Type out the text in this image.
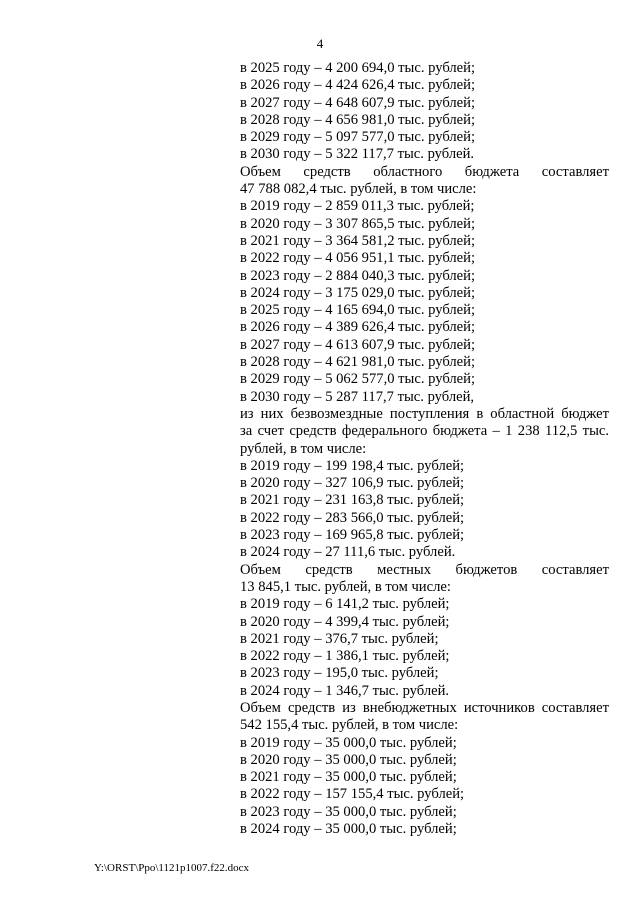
4
в 2025 году – 4 200 694,0 тыс. рублей;
в 2026 году – 4 424 626,4 тыс. рублей;
в 2027 году – 4 648 607,9 тыс. рублей;
в 2028 году – 4 656 981,0 тыс. рублей;
в 2029 году – 5 097 577,0 тыс. рублей;
в 2030 году – 5 322 117,7 тыс. рублей.
Объем средств областного бюджета составляет
47 788 082,4 тыс. рублей, в том числе:
в 2019 году – 2 859 011,3 тыс. рублей;
в 2020 году – 3 307 865,5 тыс. рублей;
в 2021 году – 3 364 581,2 тыс. рублей;
в 2022 году – 4 056 951,1 тыс. рублей;
в 2023 году – 2 884 040,3 тыс. рублей;
в 2024 году – 3 175 029,0 тыс. рублей;
в 2025 году – 4 165 694,0 тыс. рублей;
в 2026 году – 4 389 626,4 тыс. рублей;
в 2027 году – 4 613 607,9 тыс. рублей;
в 2028 году – 4 621 981,0 тыс. рублей;
в 2029 году – 5 062 577,0 тыс. рублей;
в 2030 году – 5 287 117,7 тыс. рублей,
из них безвозмездные поступления в областной бюджет
за счет средств федерального бюджета – 1 238 112,5 тыс.
рублей, в том числе:
в 2019 году – 199 198,4 тыс. рублей;
в 2020 году – 327 106,9 тыс. рублей;
в 2021 году – 231 163,8 тыс. рублей;
в 2022 году – 283 566,0 тыс. рублей;
в 2023 году – 169 965,8 тыс. рублей;
в 2024 году – 27 111,6 тыс. рублей.
Объем средств местных бюджетов составляет
13 845,1 тыс. рублей, в том числе:
в 2019 году – 6 141,2 тыс. рублей;
в 2020 году – 4 399,4 тыс. рублей;
в 2021 году – 376,7 тыс. рублей;
в 2022 году – 1 386,1 тыс. рублей;
в 2023 году – 195,0 тыс. рублей;
в 2024 году – 1 346,7 тыс. рублей.
Объем средств из внебюджетных источников составляет
542 155,4 тыс. рублей, в том числе:
в 2019 году – 35 000,0 тыс. рублей;
в 2020 году – 35 000,0 тыс. рублей;
в 2021 году – 35 000,0 тыс. рублей;
в 2022 году – 157 155,4 тыс. рублей;
в 2023 году – 35 000,0 тыс. рублей;
в 2024 году – 35 000,0 тыс. рублей;
Y:\ORST\Ppo\1121p1007.f22.docx
